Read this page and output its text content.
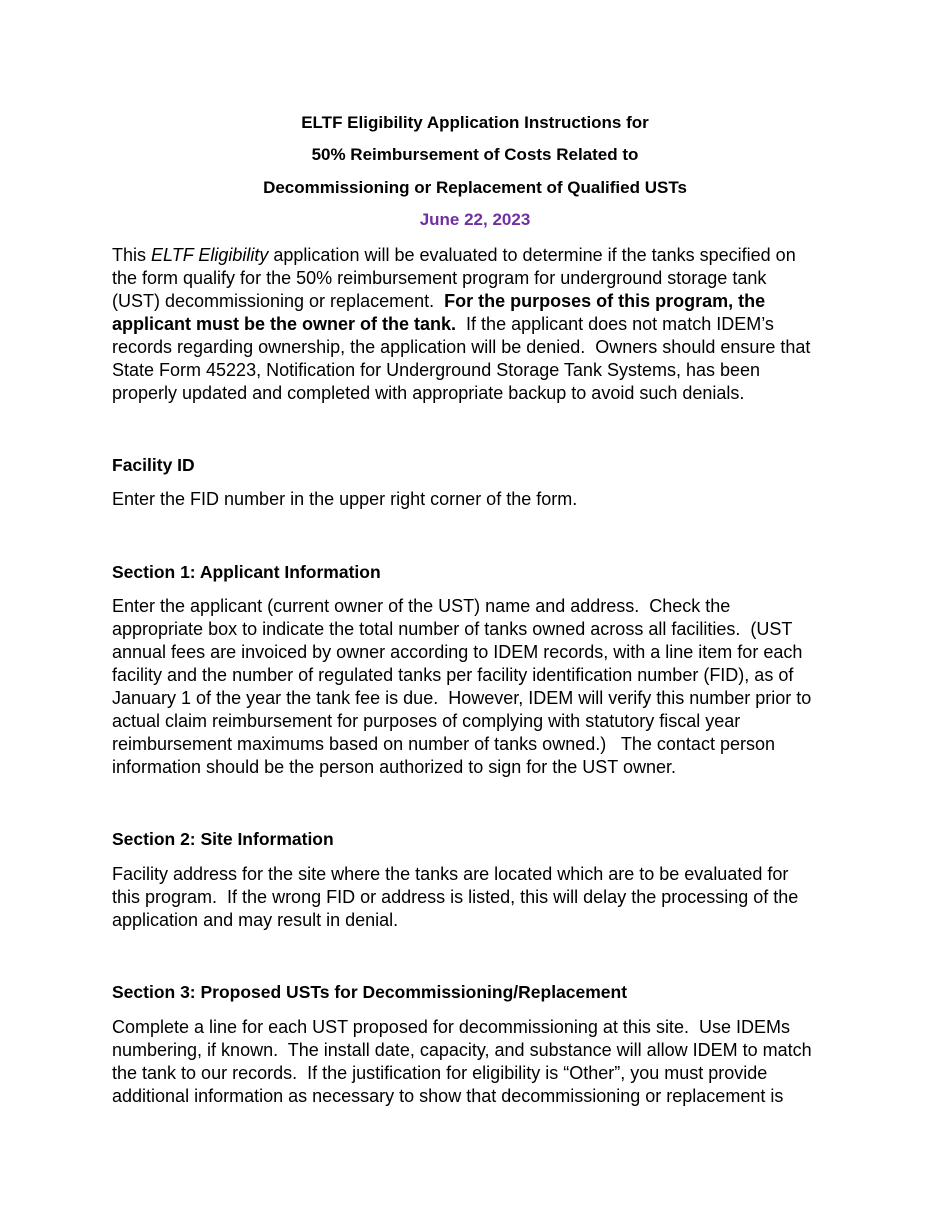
ELTF Eligibility Application Instructions for
50% Reimbursement of Costs Related to
Decommissioning or Replacement of Qualified USTs
June 22, 2023
This ELTF Eligibility application will be evaluated to determine if the tanks specified on
the form qualify for the 50% reimbursement program for underground storage tank
(UST) decommissioning or replacement.  For the purposes of this program, the
applicant must be the owner of the tank.  If the applicant does not match IDEM’s
records regarding ownership, the application will be denied.  Owners should ensure that
State Form 45223, Notification for Underground Storage Tank Systems, has been
properly updated and completed with appropriate backup to avoid such denials.
Facility ID
Enter the FID number in the upper right corner of the form.
Section 1: Applicant Information
Enter the applicant (current owner of the UST) name and address.  Check the
appropriate box to indicate the total number of tanks owned across all facilities.  (UST
annual fees are invoiced by owner according to IDEM records, with a line item for each
facility and the number of regulated tanks per facility identification number (FID), as of
January 1 of the year the tank fee is due.  However, IDEM will verify this number prior to
actual claim reimbursement for purposes of complying with statutory fiscal year
reimbursement maximums based on number of tanks owned.)   The contact person
information should be the person authorized to sign for the UST owner.
Section 2: Site Information
Facility address for the site where the tanks are located which are to be evaluated for
this program.  If the wrong FID or address is listed, this will delay the processing of the
application and may result in denial.
Section 3: Proposed USTs for Decommissioning/Replacement
Complete a line for each UST proposed for decommissioning at this site.  Use IDEMs
numbering, if known.  The install date, capacity, and substance will allow IDEM to match
the tank to our records.  If the justification for eligibility is “Other”, you must provide
additional information as necessary to show that decommissioning or replacement is
